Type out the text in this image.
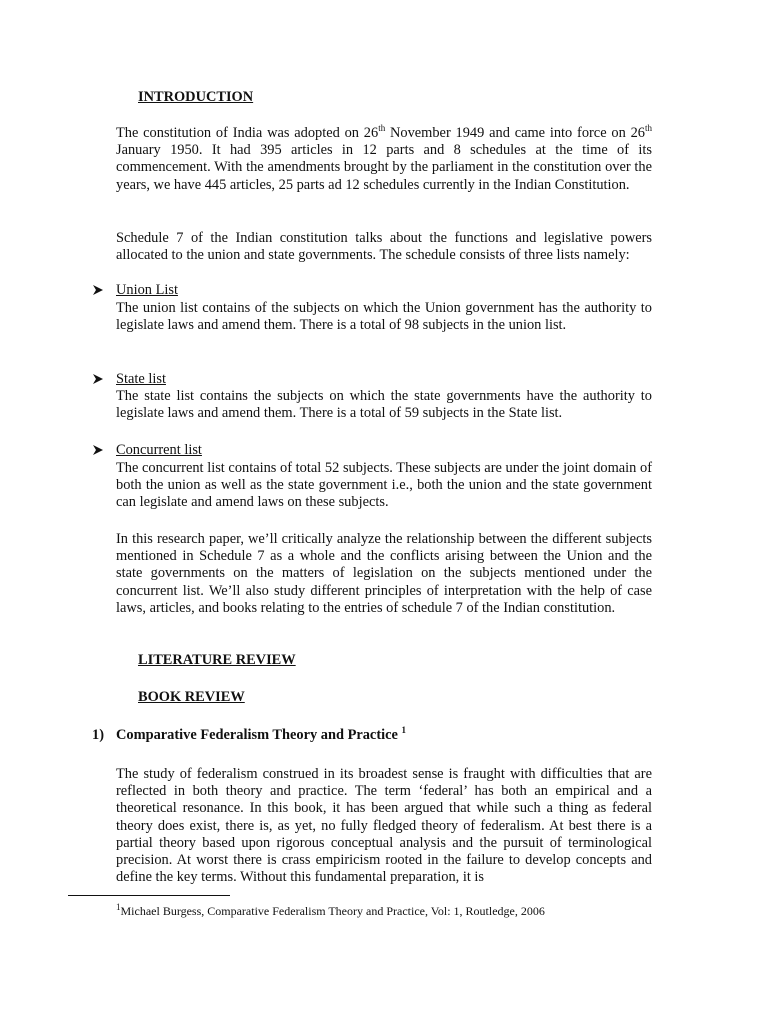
INTRODUCTION

The constitution of India was adopted on 26th November 1949 and came into force on 26th January 1950. It had 395 articles in 12 parts and 8 schedules at the time of its commencement. With the amendments brought by the parliament in the constitution over the years, we have 445 articles, 25 parts ad 12 schedules currently in the Indian Constitution.

Schedule 7 of the Indian constitution talks about the functions and legislative powers allocated to the union and state governments. The schedule consists of three lists namely:

Union List

The union list contains of the subjects on which the Union government has the authority to legislate laws and amend them. There is a total of 98 subjects in the union list.

State list

The state list contains the subjects on which the state governments have the authority to legislate laws and amend them. There is a total of 59 subjects in the State list.

Concurrent list

The concurrent list contains of total 52 subjects. These subjects are under the joint domain of both the union as well as the state government i.e., both the union and the state government can legislate and amend laws on these subjects.

In this research paper, we’ll critically analyze the relationship between the different subjects mentioned in Schedule 7 as a whole and the conflicts arising between the Union and the state governments on the matters of legislation on the subjects mentioned under the concurrent list. We’ll also study different principles of interpretation with the help of case laws, articles, and books relating to the entries of schedule 7 of the Indian constitution.

LITERATURE REVIEW

BOOK REVIEW

1) Comparative Federalism Theory and Practice $^1$

The study of federalism construed in its broadest sense is fraught with difficulties that are reflected in both theory and practice. The term ‘federal’ has both an empirical and a theoretical resonance. In this book, it has been argued that while such a thing as federal theory does exist, there is, as yet, no fully fledged theory of federalism. At best there is a partial theory based upon rigorous conceptual analysis and the pursuit of terminological precision. At worst there is crass empiricism rooted in the failure to develop concepts and define the key terms. Without this fundamental preparation, it is

$^1$Michael Burgess, Comparative Federalism Theory and Practice, Vol: 1, Routledge, 2006
